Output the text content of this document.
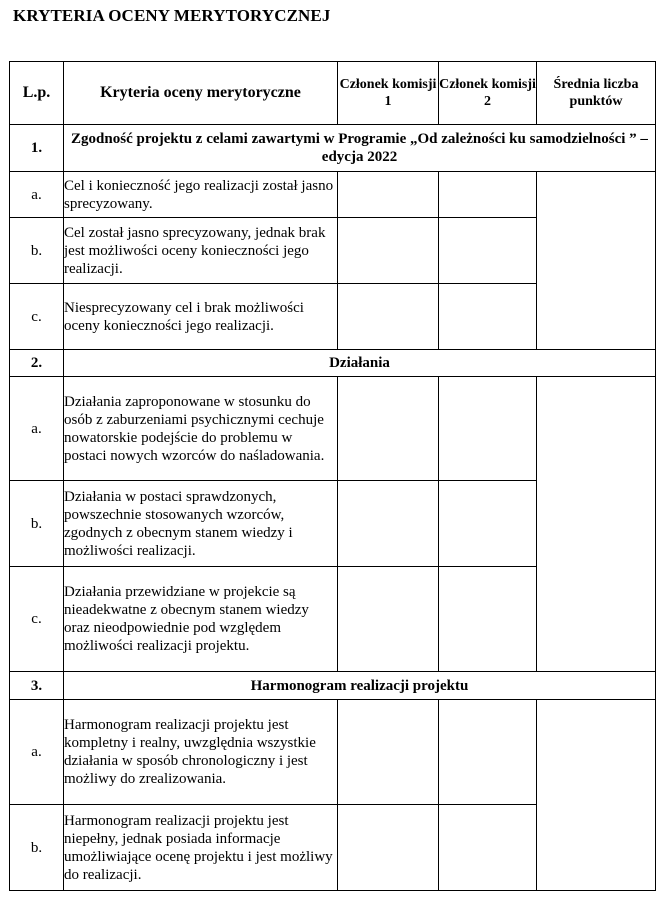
KRYTERIA OCENY MERYTORYCZNEJ
L.p.	Kryteria oceny merytoryczne	Członek komisji 1	Członek komisji 2	Średnia liczba punktów
1.	Zgodność projektu z celami zawartymi w Programie „Od zależności ku samodzielności ” – edycja 2022			
a.	Cel i konieczność jego realizacji został jasno sprecyzowany.			
b.	Cel został jasno sprecyzowany, jednak brak jest możliwości oceny konieczności jego realizacji.			
c.	Niesprecyzowany cel i brak możliwości oceny konieczności jego realizacji.			
2.	Działania			
a.	Działania zaproponowane w stosunku do osób z zaburzeniami psychicznymi cechuje nowatorskie podejście do problemu w postaci nowych wzorców do naśladowania.			
b.	Działania w postaci sprawdzonych, powszechnie stosowanych wzorców, zgodnych z obecnym stanem wiedzy i możliwości realizacji.			
c.	Działania przewidziane w projekcie są nieadekwatne z obecnym stanem wiedzy oraz nieodpowiednie pod względem możliwości realizacji projektu.			
3.	Harmonogram realizacji projektu			
a.	Harmonogram realizacji projektu jest kompletny i realny, uwzględnia wszystkie działania w sposób chronologiczny i jest możliwy do zrealizowania.			
b.	Harmonogram realizacji projektu jest niepełny, jednak posiada informacje umożliwiające ocenę projektu i jest możliwy do realizacji.			
